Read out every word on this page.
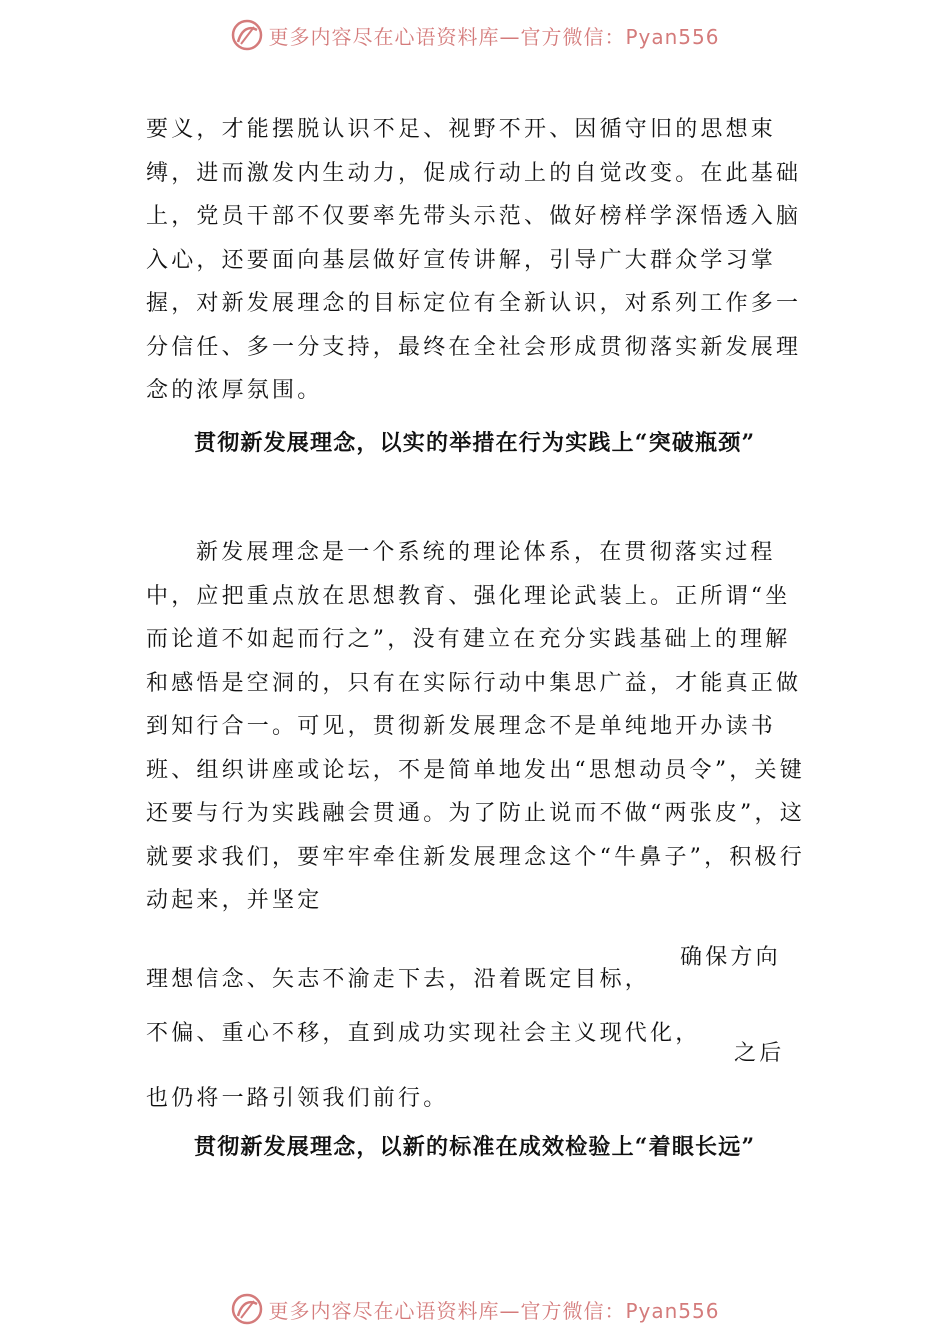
更多内容尽在心语资料库—官方微信：Pyan556
要义，才能摆脱认识不足、视野不开、因循守旧的思想束缚，进而激发内生动力，促成行动上的自觉改变。在此基础上，党员干部不仅要率先带头示范、做好榜样学深悟透入脑入心，还要面向基层做好宣传讲解，引导广大群众学习掌握，对新发展理念的目标定位有全新认识，对系列工作多一分信任、多一分支持，最终在全社会形成贯彻落实新发展理念的浓厚氛围。
贯彻新发展理念，以实的举措在行为实践上“突破瓶颈”
新发展理念是一个系统的理论体系，在贯彻落实过程中，应把重点放在思想教育、强化理论武装上。正所谓“坐而论道不如起而行之”，没有建立在充分实践基础上的理解和感悟是空洞的，只有在实际行动中集思广益，才能真正做到知行合一。可见，贯彻新发展理念不是单纯地开办读书班、组织讲座或论坛，不是简单地发出“思想动员令”，关键还要与行为实践融会贯通。为了防止说而不做“两张皮”，这就要求我们，要牢牢牵住新发展理念这个“牛鼻子”，积极行动起来，并坚定
理想信念、矢志不渝走下去，沿着既定目标，
确保方向
不偏、重心不移，直到成功实现社会主义现代化，
之后
也仍将一路引领我们前行。
贯彻新发展理念，以新的标准在成效检验上“着眼长远”
更多内容尽在心语资料库—官方微信：Pyan556
